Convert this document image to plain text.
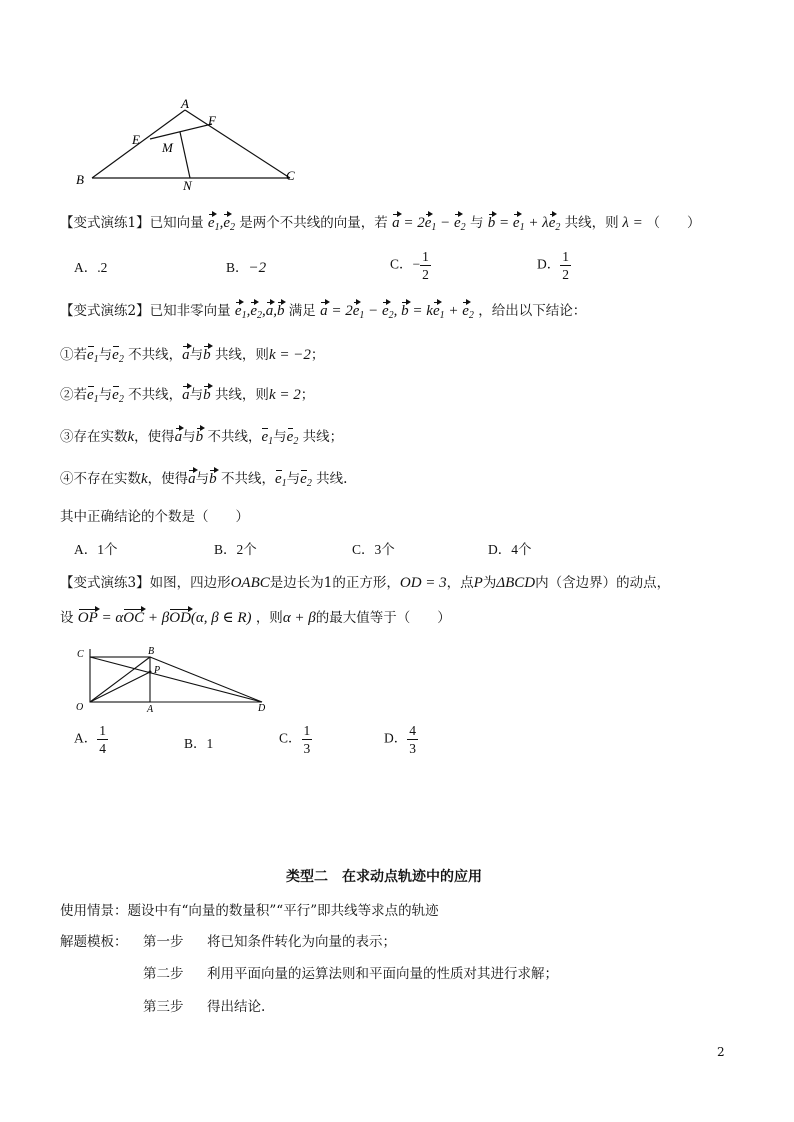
A
F
E
M
B	N
C
【变式演练1】已知向量 $e_1,e_2$ 是两个不共线的向量，若 $a = 2e_1 - e_2$ 与 $b = e_1 + \lambda e_2$ 共线，则 λ = （　　）
A．.2	B．−2	C．− $\frac{1}{2}$	D． $\frac{1}{2}$
【变式演练2】已知非零向量 $e_1,e_2,a,b$ 满足 $a = 2e_1 - e_2$, $b = ke_1 + e_2$ ，给出以下结论：
①若$e_1$与$e_2$ 不共线，a与b 共线，则k = −2；
②若$e_1$与$e_2$ 不共线，a与b 共线，则k = 2；
③存在实数k，使得a与b 不共线，$e_1$与$e_2$ 共线；
④不存在实数k，使得a与b 不共线，$e_1$与$e_2$ 共线.
其中正确结论的个数是（　　）
A．1个	B．2个	C．3个	D．4个
【变式演练3】如图，四边形OABC是边长为1的正方形，OD = 3，点P为ΔBCD内（含边界）的动点，
设 OP = αOC + βOD(α, β ∈ R) ，则α + β的最大值等于（　　）
C	B
P
O	A	D
A． $\frac{1}{4}$	B．1	C． $\frac{1}{3}$	D． $\frac{4}{3}$
类型二　在求动点轨迹中的应用
使用情景：题设中有“向量的数量积”“平行”即共线等求点的轨迹
解题模板： 第一步 将已知条件转化为向量的表示；
第二步 利用平面向量的运算法则和平面向量的性质对其进行求解；
第三步 得出结论.
2
